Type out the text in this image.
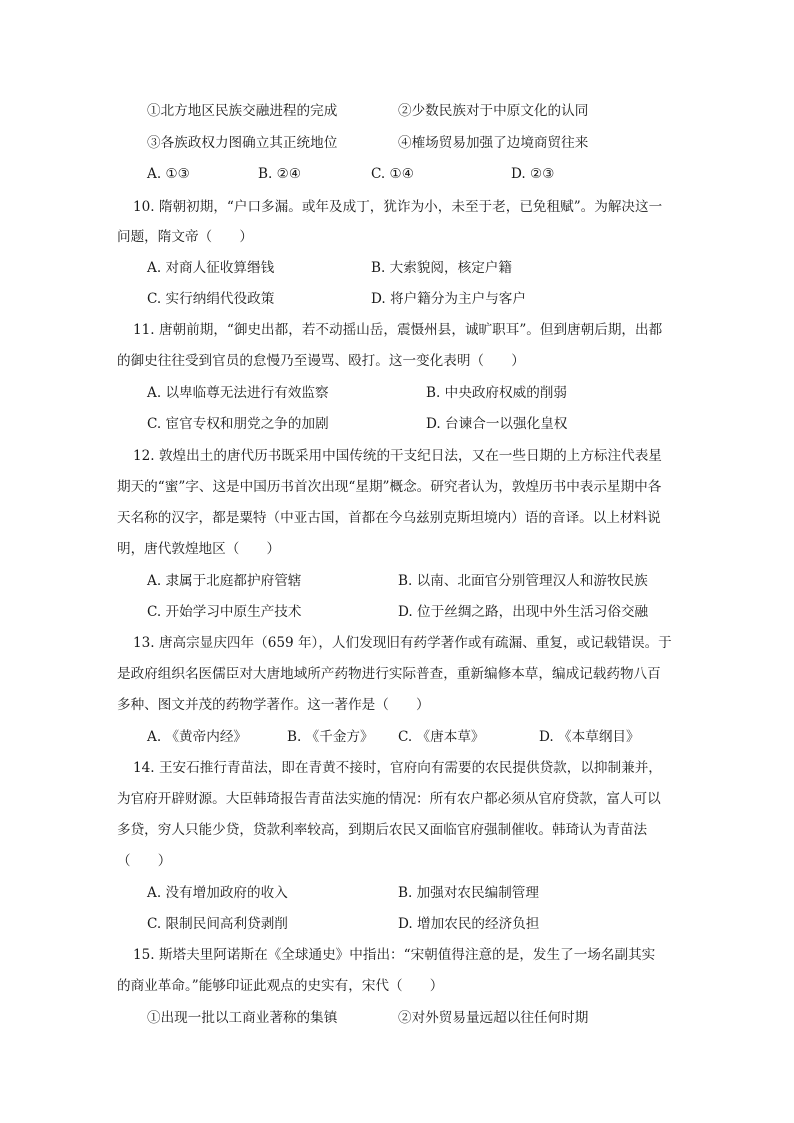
①北方地区民族交融进程的完成	②少数民族对于中原文化的认同
③各族政权力图确立其正统地位	④榷场贸易加强了边境商贸往来
A. ①③	B. ②④	C. ①④	D. ②③
10. 隋朝初期，“户口多漏。或年及成丁，犹诈为小，未至于老，已免租赋”。为解决这一
问题，隋文帝（　　）
A. 对商人征收算缗钱	B. 大索貌阅，核定户籍
C. 实行纳绢代役政策	D. 将户籍分为主户与客户
11. 唐朝前期，“御史出都，若不动摇山岳，震慑州县，诚旷职耳”。但到唐朝后期，出都
的御史往往受到官员的怠慢乃至谩骂、殴打。这一变化表明（　　）
A. 以卑临尊无法进行有效监察	B. 中央政府权威的削弱
C. 宦官专权和朋党之争的加剧	D. 台谏合一以强化皇权
12. 敦煌出土的唐代历书既采用中国传统的干支纪日法，又在一些日期的上方标注代表星
期天的“蜜”字、这是中国历书首次出现“星期”概念。研究者认为，敦煌历书中表示星期中各
天名称的汉字，都是粟特（中亚古国，首都在今乌兹别克斯坦境内）语的音译。以上材料说
明，唐代敦煌地区（　　）
A. 隶属于北庭都护府管辖	B. 以南、北面官分别管理汉人和游牧民族
C. 开始学习中原生产技术	D. 位于丝绸之路，出现中外生活习俗交融
13. 唐高宗显庆四年（659 年），人们发现旧有药学著作或有疏漏、重复，或记载错误。于
是政府组织名医儒臣对大唐地域所产药物进行实际普查，重新编修本草，编成记载药物八百
多种、图文并茂的药物学著作。这一著作是（　　）
A. 《黄帝内经》	B. 《千金方》 C. 《唐本草》	D. 《本草纲目》
14. 王安石推行青苗法，即在青黄不接时，官府向有需要的农民提供贷款，以抑制兼并，
为官府开辟财源。大臣韩琦报告青苗法实施的情况：所有农户都必须从官府贷款，富人可以
多贷，穷人只能少贷，贷款利率较高，到期后农民又面临官府强制催收。韩琦认为青苗法
（　　）
A. 没有增加政府的收入	B. 加强对农民编制管理
C. 限制民间高利贷剥削	D. 增加农民的经济负担
15. 斯塔夫里阿诺斯在《全球通史》中指出：“宋朝值得注意的是，发生了一场名副其实
的商业革命。”能够印证此观点的史实有，宋代（　　）
①出现一批以工商业著称的集镇	②对外贸易量远超以往任何时期
